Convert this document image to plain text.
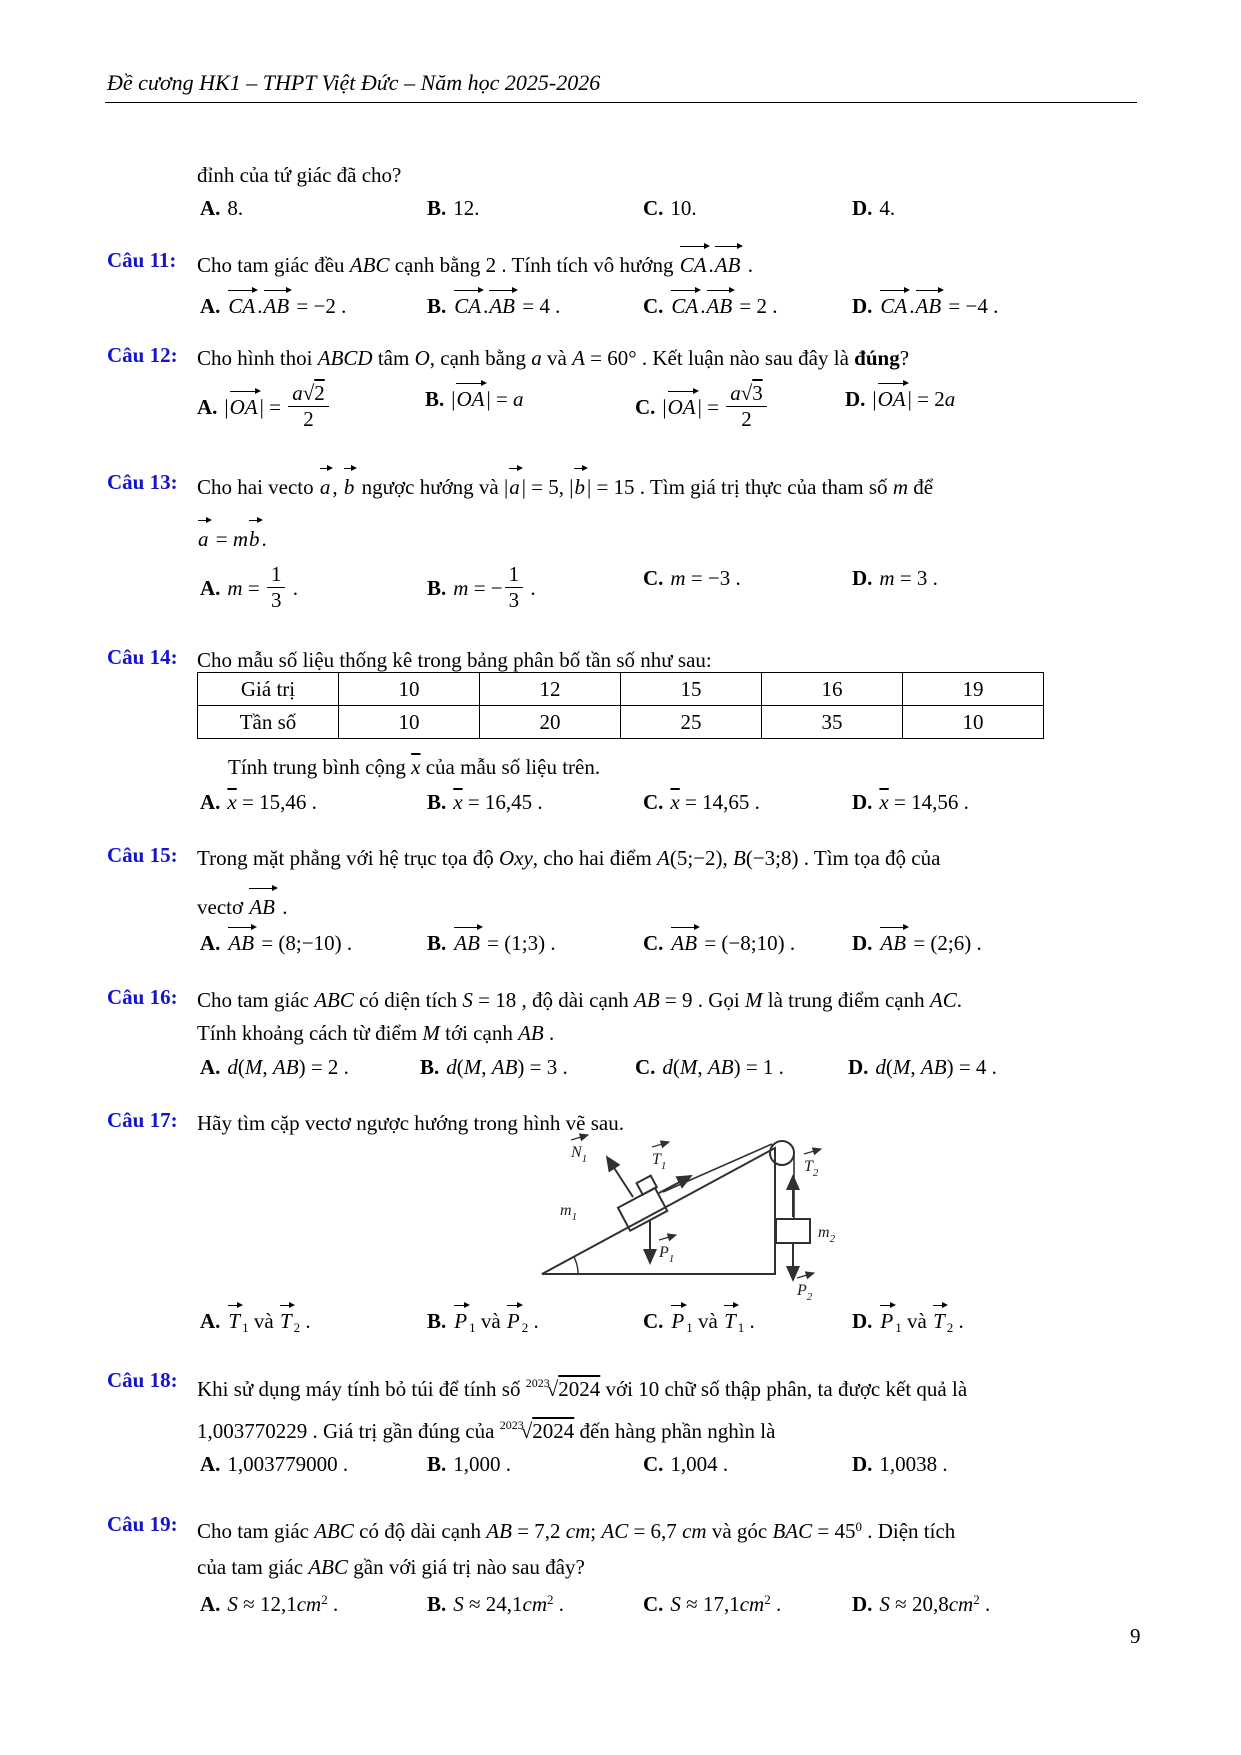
Đề cương HK1 – THPT Việt Đức – Năm học 2025-2026
đỉnh của tứ giác đã cho?
A. 8.	B. 12.	C. 10.	D. 4.
Câu 11: Cho tam giác đều ABC cạnh bằng 2 . Tính tích vô hướng CA.AB .
A. CA.AB = −2 .	B. CA.AB = 4 .	C. CA.AB = 2 .	D. CA.AB = −4 .
Câu 12: Cho hình thoi ABCD tâm O, cạnh bằng a và A = 60° . Kết luận nào sau đây là đúng?
A. $|OA| = \frac{a√2}{2}$	B. |OA| = a	C. $|OA| = \frac{a√3}{2}$	D. |OA| = 2a
Câu 13: Cho hai vecto a, b ngược hướng và |a| = 5, |b| = 15 . Tìm giá trị thực của tham số m để
a = mb.
A. $m = \frac{1}{3}$ .	B. m = − $\frac{1}{3}$ .	C. m = −3 .	D. m = 3 .
Câu 14: Cho mẫu số liệu thống kê trong bảng phân bố tần số như sau:
Giá trị	10	12	15	16	19
Tần số	10	20	25	35	10
Tính trung bình cộng $\overline{x}$ của mẫu số liệu trên.
A. $\overline{x} = 15,46$ .	B. $\overline{x} = 16,45$ .	C. $\overline{x} = 14,65$ .	D. $\overline{x} = 14,56$ .
Câu 15: Trong mặt phẳng với hệ trục tọa độ Oxy, cho hai điểm A(5;−2), B(−3;8) . Tìm tọa độ của
vectơ AB .
A. AB = (8;−10) .	B. AB = (1;3) .	C. AB = (−8;10) .	D. AB = (2;6) .
Câu 16: Cho tam giác ABC có diện tích S = 18 , độ dài cạnh AB = 9 . Gọi M là trung điểm cạnh AC.
Tính khoảng cách từ điểm M tới cạnh AB .
A. d(M, AB) = 2 .	B. d(M, AB) = 3 .	C. d(M, AB) = 1 .	D. d(M, AB) = 4 .
Câu 17: Hãy tìm cặp vectơ ngược hướng trong hình vẽ sau.
$N_1$	$T_1$
$P_1$
$m_1$
$T_2$
$P_2$
$m_2$
A. T $_1$ và T $_2$ .	B. P $_1$ và P $_2$ .	C. P $_1$ và T $_1$ .	D. P $_1$ và T $_2$ .
Câu 18: Khi sử dụng máy tính bỏ túi để tính số $^{2023}$√2024 với 10 chữ số thập phân, ta được kết quả là
1,003770229 . Giá trị gần đúng của $^{2023}$√2024 đến hàng phần nghìn là
A. 1,003779000 .	B. 1,000 .	C. 1,004 .	D. 1,0038 .
Câu 19: Cho tam giác ABC có độ dài cạnh AB = 7,2 cm; AC = 6,7 cm và góc BAC = $45^0$ . Diện tích
của tam giác ABC gần với giá trị nào sau đây?
A. $S \approx 12,1cm^2$ .	B. $S \approx 24,1cm^2$ .	C. $S \approx 17,1cm^2$ .	D. $S \approx 20,8cm^2$ .
9
